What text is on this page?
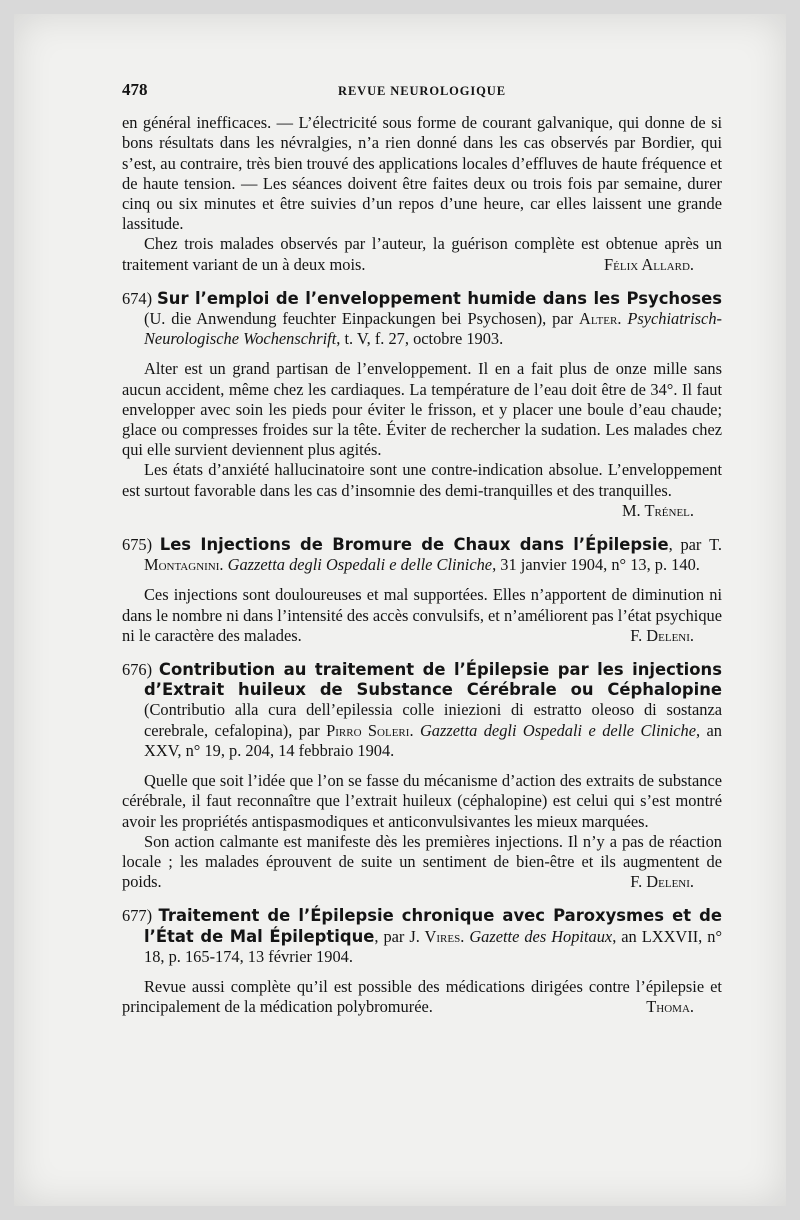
478	REVUE NEUROLOGIQUE

en général inefficaces. — L’électricité sous forme de courant galvanique, qui donne de si bons résultats dans les névralgies, n’a rien donné dans les cas observés par Bordier, qui s’est, au contraire, très bien trouvé des applications locales d’effluves de haute fréquence et de haute tension. — Les séances doivent être faites deux ou trois fois par semaine, durer cinq ou six minutes et être suivies d’un repos d’une heure, car elles laissent une grande lassitude.

Chez trois malades observés par l’auteur, la guérison complète est obtenue après un traitement variant de un à deux mois.	Félix Allard.

674) Sur l’emploi de l’enveloppement humide dans les Psychoses (U. die Anwendung feuchter Einpackungen bei Psychosen), par Alter. Psychiatrisch-Neurologische Wochenschrift, t. V, f. 27, octobre 1903.

Alter est un grand partisan de l’enveloppement. Il en a fait plus de onze mille sans aucun accident, même chez les cardiaques. La température de l’eau doit être de 34°. Il faut envelopper avec soin les pieds pour éviter le frisson, et y placer une boule d’eau chaude; glace ou compresses froides sur la tête. Éviter de rechercher la sudation. Les malades chez qui elle survient deviennent plus agités.

Les états d’anxiété hallucinatoire sont une contre-indication absolue. L’enveloppement est surtout favorable dans les cas d’insomnie des demi-tranquilles et des tranquilles.
M. Trénel.

675) Les Injections de Bromure de Chaux dans l’Épilepsie, par T. Montagnini. Gazzetta degli Ospedali e delle Cliniche, 31 janvier 1904, n° 13, p. 140.

Ces injections sont douloureuses et mal supportées. Elles n’apportent de diminution ni dans le nombre ni dans l’intensité des accès convulsifs, et n’améliorent pas l’état psychique ni le caractère des malades.	F. Deleni.

676) Contribution au traitement de l’Épilepsie par les injections d’Extrait huileux de Substance Cérébrale ou Céphalopine (Contributio alla cura dell’epilessia colle iniezioni di estratto oleoso di sostanza cerebrale, cefalopina), par Pirro Soleri. Gazzetta degli Ospedali e delle Cliniche, an XXV, n° 19, p. 204, 14 febbraio 1904.

Quelle que soit l’idée que l’on se fasse du mécanisme d’action des extraits de substance cérébrale, il faut reconnaître que l’extrait huileux (céphalopine) est celui qui s’est montré avoir les propriétés antispasmodiques et anticonvulsivantes les mieux marquées.

Son action calmante est manifeste dès les premières injections. Il n’y a pas de réaction locale ; les malades éprouvent de suite un sentiment de bien-être et ils augmentent de poids.	F. Deleni.

677) Traitement de l’Épilepsie chronique avec Paroxysmes et de l’État de Mal Épileptique, par J. Vires. Gazette des Hopitaux, an LXXVII, n° 18, p. 165-174, 13 février 1904.

Revue aussi complète qu’il est possible des médications dirigées contre l’épilepsie et principalement de la médication polybromurée.	Thoma.
